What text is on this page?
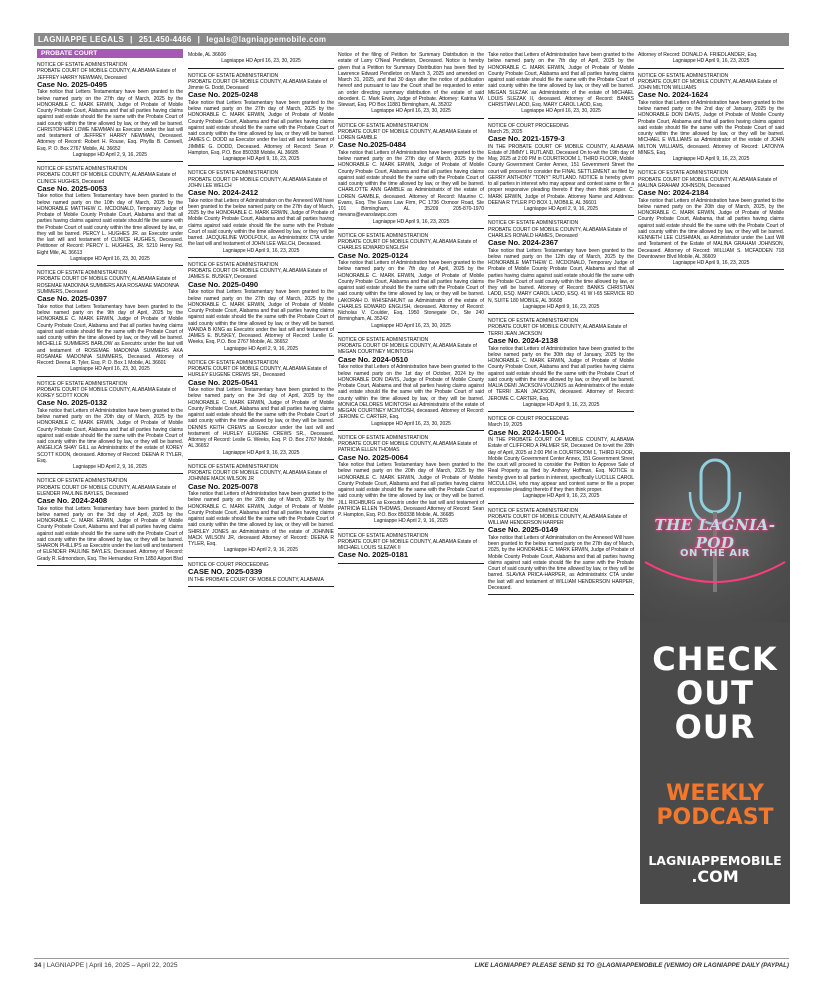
LAGNIAPPE LEGALS | 251.450-4466 | legals@lagniappemobile.com
PROBATE COURT
NOTICE OF ESTATE ADMINISTRATION
PROBATE COURT OF MOBILE COUNTY, ALABAMA Estate of JEFFREY HARRY NEWMAN, Deceased
Case No. 2025-0495
Take notice that Letters Testamentary have been granted to the below named party on the 27th day of March, 2025 by the HONORABLE C. MARK ERWIN, Judge of Probate of Mobile County Probate Court, Alabama and that all parties having claims against said estate should file the same with the Probate Court of said county within the time allowed by law, or they will be barred. CHRISTOPHER LOWE NEWMAN as Executor under the last will and testament of JEFFREY HARRY NEWMAN, Deceased. Attorney of Record: Robert H. Rouse, Esq. Phyllis B. Conwell, Esq. P. O. Box 2767 Mobile, AL 36652
Lagniappe HD April 2, 9, 16, 2025
NOTICE OF ESTATE ADMINISTRATION
PROBATE COURT OF MOBILE COUNTY, ALABAMA Estate of CLINICE HUGHES, Deceased
Case No. 2025-0053
Take notice that Letters Testamentary have been granted to the below named party on the 10th day of March, 2025 by the HONORABLE MATTHEW C. MCDONALD, Temporary Judge of Probate of Mobile County Probate Court, Alabama and that all parties having claims against said estate should file the same with the Probate Court of said county within the time allowed by law, or they will be barred. PERCY L. HUGHES JR. as Executor under the last will and testament of CLINICE HUGHES, Deceased. Petitioner of Record: PERCY L. HUGHES, JR. 5210 Henry Rd. Eight Mile, AL 36613
Lagniappe HD April 16, 23, 30, 2025
NOTICE OF ESTATE ADMINISTRATION
PROBATE COURT OF MOBILE COUNTY, ALABAMA Estate of ROSEMAE MADONNA SUMMERS AKA ROSAMAE MADONNA SUMMERS, Deceased
Case No. 2025-0397
Take notice that Letters Testamentary have been granted to the below named party on the 9th day of April, 2025 by the HONORABLE C. MARK ERWIN, Judge of Probate of Mobile County Probate Court, Alabama and that all parties having claims against said estate should file the same with the Probate Court of said county within the time allowed by law, or they will be barred. MICHELLE SUMMERS BARLOW as Executrix under the last will and testament of ROSEMAE MADONNA SUMMERS AKA ROSAMAE MADONNA SUMMERS, Deceased. Attorney of Record: Deena R. Tyler, Esq. P. O. Box 1 Mobile, AL 36601
Lagniappe HD April 16, 23, 30, 2025
NOTICE OF ESTATE ADMINISTRATION
PROBATE COURT OF MOBILE COUNTY, ALABAMA Estate of KOREY SCOTT KOON
Case No. 2025-0132
Take notice that Letters of Administration have been granted to the below named party on the 20th day of March, 2025 by the HONORABLE C. MARK ERWIN, Judge of Probate of Mobile County Probate Court, Alabama and that all parties having claims against said estate should file the same with the Probate Court of said county within the time allowed by law, or they will be barred. ANGELICA SHAY GILL as Administratrix of the estate of KOREY SCOTT KOON, deceased. Attorney of Record: DEENA R TYLER, Esq.
Lagniappe HD April 2, 9, 16, 2025
NOTICE OF ESTATE ADMINISTRATION
PROBATE COURT OF MOBILE COUNTY, ALABAMA Estate of ELENDER PAULINE BAYLES, Deceased
Case No. 2024-2408
Take notice that Letters Testamentary have been granted to the below named party on the 3rd day of April, 2025 by the HONORABLE C. MARK ERWIN, Judge of Probate of Mobile County Probate Court, Alabama and that all parties having claims against said estate should file the same with the Probate Court of said county within the time allowed by law, or they will be barred. SHARON PHILLIPS as Executrix under the last will and testament of ELENDER PAULINE BAYLES, Deceased. Attorney of Record: Grady R. Edmondson, Esq. The Hernandez Firm 1850 Airport Blvd
Mobile, AL 36606
Lagniappe HD April 16, 23, 30, 2025
NOTICE OF ESTATE ADMINISTRATION
PROBATE COURT OF MOBILE COUNTY, ALABAMA Estate of Jimmie G. Dodd, Deceased
Case No. 2025-0248
Take notice that Letters Testamentary have been granted to the below named party on the 27th day of March, 2025 by the HONORABLE C. MARK ERWIN, Judge of Probate of Mobile County Probate Court, Alabama and that all parties having claims against said estate should file the same with the Probate Court of said county within the time allowed by law, or they will be barred. JAMES C. DODD as Executor under the last will and testament of JIMMIE G. DODD, Deceased. Attorney of Record: Sean P. Hampton, Esq. P.O. Box 850338 Mobile, AL 36685
Lagniappe HD April 9, 16, 23, 2025
NOTICE OF ESTATE ADMINISTRATION
PROBATE COURT OF MOBILE COUNTY, ALABAMA Estate of JOHN LEE WELCH
Case No. 2024-2412
Take notice that Letters of Administration on the Annexed Will have been granted to the below named party on the 27th day of March, 2025 by the HONORABLE C. MARK ERWIN, Judge of Probate of Mobile County Probate Court, Alabama and that all parties having claims against said estate should file the same with the Probate Court of said county within the time allowed by law, or they will be barred. JACQUELINE WOOLFOLK, as Administratrix CTA under the last will and testament of JOHN LEE WELCH, Deceased.
Lagniappe HD April 9, 16, 23, 2025
NOTICE OF ESTATE ADMINISTRATION
PROBATE COURT OF MOBILE COUNTY, ALABAMA Estate of JAMES E. BUSKEY, Deceased
Case No. 2025-0490
Take notice that Letters Testamentary have been granted to the below named party on the 27th day of March, 2025 by the HONORABLE C. MARK ERWIN, Judge of Probate of Mobile County Probate Court, Alabama and that all parties having claims against said estate should file the same with the Probate Court of said county within the time allowed by law, or they will be barred. WANDA B KING as Executrix under the last will and testament of JAMES E. BUSKEY, Deceased. Attorney of Record: Leslie G. Weeks, Esq. P.O. Box 2767 Mobile, AL 36652
Lagniappe HD April 2, 9, 16, 2025
NOTICE OF ESTATE ADMINISTRATION
PROBATE COURT OF MOBILE COUNTY, ALABAMA Estate of HURLEY EUGENE CREWS SR., Deceased
Case No. 2025-0541
Take notice that Letters Testamentary have been granted to the below named party on the 3rd day of April, 2025 by the HONORABLE C. MARK ERWIN, Judge of Probate of Mobile County Probate Court, Alabama and that all parties having claims against said estate should file the same with the Probate Court of said county within the time allowed by law, or they will be barred. DENNIS KEITH CREWS as Executor under the last will and testament of HURLEY EUGENE CREWS SR., Deceased. Attorney of Record: Leslie G. Weeks, Esq. P. O. Box 2767 Mobile, AL 36652
Lagniappe HD April 9, 16, 23, 2025
NOTICE OF ESTATE ADMINISTRATION
PROBATE COURT OF MOBILE COUNTY, ALABAMA Estate of JOHNNIE MACK WILSON JR
Case No. 2025-0078
Take notice that Letters of Administration have been granted to the below named party on the 20th day of March, 2025 by the HONORABLE C. MARK ERWIN, Judge of Probate of Mobile County Probate Court, Alabama and that all parties having claims against said estate should file the same with the Probate Court of said county within the time allowed by law, or they will be barred. SHIRLEY JONES as Administratrix of the estate of JOHNNIE MACK WILSON JR, deceased Attorney of Record: DEENA R TYLER, Esq.
Lagniappe HD April 2, 9, 16, 2025
NOTICE OF COURT PROCEEDING
CASE NO. 2025-0339
IN THE PROBATE COURT OF MOBILE COUNTY, ALABAMA
Notice of the filing of Petition for Summary Distribution in the estate of Larry O'Neal Pendleton, Deceased. Notice is hereby given that a Petition for Summary Distribution has been filed by Lawrence Edward Pendleton on March 3, 2025 and amended on March 31, 2025, and that 30 days after the notice of publication hereof and pursuant to law the Court shall be requested to enter an order directing summary distribution of the estate of said decedent. C. Mark Erwin, Judge of Probate. Attorney: Katrina W. Stewart, Esq. PO Box 11881 Birmingham, AL 35202
Lagniappe HD April 16, 23, 30, 2025
NOTICE OF ESTATE ADMINISTRATION
PROBATE COURT OF MOBILE COUNTY, ALABAMA Estate of LOREN GAMBLE
Case No.2025-0484
Take notice that Letters of Administration have been granted to the below named party on the 27th day of March, 2025 by the HONORABLE C. MARK ERWIN, Judge of Probate of Mobile County Probate Court, Alabama and that all parties having claims against said estate should file the same with the Probate Court of said county within the time allowed by law, or they will be barred. CHARLOTTE ANN GAMBLE as Administratrix of the estate of LOREN GAMBLE, deceased. Attorney of Record: Maurine C. Evans, Esq. The Evans Law Firm, PC 1736 Oxmoor Road, Ste 101 Birmingham, AL 35209 205-870-1970 mevans@evanslawpc.com
Lagniappe HD April 9, 16, 23, 2025
NOTICE OF ESTATE ADMINISTRATION
PROBATE COURT OF MOBILE COUNTY, ALABAMA Estate of CHARLES EDWARD ENGLISH
Case No. 2025-0124
Take notice that Letters of Administration have been granted to the below named party on the 7th day of April, 2025 by the HONORABLE C. MARK ERWIN, Judge of Probate of Mobile County Probate Court, Alabama and that all parties having claims against said estate should file the same with the Probate Court of said county within the time allowed by law, or they will be barred. LAKORAH D. WHISENHUNT as Administratrix of the estate of CHARLES EDWARD ENGLISH, deceased. Attorney of Record: Nicholas V. Coulder, Esq. 1950 Stonegate Dr., Ste 240 Birmingham, AL 35242
Lagniappe HD April 16, 23, 30, 2025
NOTICE OF ESTATE ADMINISTRATION
PROBATE COURT OF MOBILE COUNTY, ALABAMA Estate of MEGAN COURTNEY MCINTOSH
Case No. 2024-0510
Take notice that Letters of Administration have been granted to the below named party on the 1st day of October, 2024 by the HONORABLE DON DAVIS, Judge of Probate of Mobile County Probate Court, Alabama and that all parties having claims against said estate should file the same with the Probate Court of said county within the time allowed by law, or they will be barred. MONICA DELORES MCINTOSH as Administratrix of the estate of MEGAN COURTNEY MCINTOSH, deceased. Attorney of Record: JEROME C. CARTER, Esq.
Lagniappe HD April 16, 23, 30, 2025
NOTICE OF ESTATE ADMINISTRATION
PROBATE COURT OF MOBILE COUNTY, ALABAMA Estate of PATRICIA ELLEN THOMAS
Case No. 2025-0064
Take notice that Letters Testamentary have been granted to the below named party on the 20th day of March, 2025 by the HONORABLE C. MARK ERWIN, Judge of Probate of Mobile County Probate Court, Alabama and that all parties having claims against said estate should file the same with the Probate Court of said county within the time allowed by law, or they will be barred. JILL RICHBURG as Executrix under the last will and testament of PATRICIA ELLEN THOMAS, Deceased Attorney of Record: Sean P. Hampton, Esq. P.O. Box 850338 Mobile, AL 36685
Lagniappe HD April 2, 9, 16, 2025
NOTICE OF ESTATE ADMINISTRATION
PROBATE COURT OF MOBILE COUNTY, ALABAMA Estate of MICHAEL LOUIS SLEZAK II
Case No. 2025-0181
Take notice that Letters of Administration have been granted to the below named party on the 7th day of April, 2025 by the HONORABLE C. MARK ERWIN, Judge of Probate of Mobile County Probate Court, Alabama and that all parties having claims against said estate should file the same with the Probate Court of said county within the time allowed by law, or they will be barred. MEGAN SLEZAK as Administratrix of the estate of MICHAEL LOUIS SLEZAK II, deceased. Attorney of Record: BANKS CHRISTIAN LADD, Esq. MARY CAROL LADD, Esq.
Lagniappe HD April 16, 23, 30, 2025
NOTICE OF COURT PROCEEDING
March 25, 2025
Case No. 2021-1579-3
IN THE PROBATE COURT OF MOBILE COUNTY, ALABAMA Estate of JIMMY L RUTLAND, Deceased On to-wit the 19th day of May, 2025 at 2:00 PM in COURTROOM 1, THIRD FLOOR, Mobile County Government Center Annex, 151 Government Street the court will proceed to consider the FINAL SETTLEMENT as filed by GERRY ANTHONY "TONY" RUTLAND. NOTICE is hereby given to all parties in interest who may appear and contest same or file a proper responsive pleading thereto if they then think proper. C. MARK ERWIN, Judge of Probate. Attorney Name and Address: DEENA R TYLER PO BOX 1, MOBILE, AL 36601
Lagniappe HD April 2, 9, 16, 2025
NOTICE OF ESTATE ADMINISTRATION
PROBATE COURT OF MOBILE COUNTY, ALABAMA Estate of CHARLES RONALD HAMES, Deceased
Case No. 2024-2367
Take notice that Letters Testamentary have been granted to the below named party on the 12th day of March, 2025 by the HONORABLE MATTHEW C. MCDONALD, Temporary Judge of Probate of Mobile County Probate Court, Alabama and that all parties having claims against said estate should file the same with the Probate Court of said county within the time allowed by law, or they will be barred. Attorney of Record: BANKS CHRISTIAN LADD, ESQ. MARY CAROL LADD, ESQ. 41 W I-65 SERVICE RD N, SUITE 180 MOBILE, AL 36608
Lagniappe HD April 9, 16, 23, 2025
NOTICE OF ESTATE ADMINISTRATION
PROBATE COURT OF MOBILE COUNTY, ALABAMA Estate of TERRI JEAN JACKSON
Case No. 2024-2138
Take notice that Letters of Administration have been granted to the below named party on the 30th day of January, 2025 by the HONORABLE C. MARK ERWIN, Judge of Probate of Mobile County Probate Court, Alabama and that all parties having claims against said estate should file the same with the Probate Court of said county within the time allowed by law, or they will be barred. MALIA DEMI JACKSON-VOUZIKIS as Administratrix of the estate of TERRI JEAN JACKSON, deceased. Attorney of Record: JEROME C. CARTER, Esq.
Lagniappe HD April 9, 16, 23, 2025
NOTICE OF COURT PROCEEDING
March 19, 2025
Case No. 2024-1500-1
IN THE PROBATE COURT OF MOBILE COUNTY, ALABAMA Estate of CLIFFORD A PALMER SR, Deceased On to-wit the 28th day of April, 2025 at 2:00 PM in COURTROOM 1, THIRD FLOOR, Mobile County Government Center Annex, 151 Government Street the court will proceed to consider the Petition to Approve Sale of Real Property as filed by Anthony Hoffman, Esq. NOTICE is hereby given to all parties in interest, specifically LUCILLE CAROL MCCULLOH, who may appear and contest same or file a proper responsive pleading thereto if they then think proper.
Lagniappe HD April 9, 16, 23, 2025
NOTICE OF ESTATE ADMINISTRATION
PROBATE COURT OF MOBILE COUNTY, ALABAMA Estate of WILLIAM HENDERSON HARPER
Case No. 2025-0149
Take notice that Letters of Administration on the Annexed Will have been granted to the below named party on the 27th day of March, 2025, by the HONORABLE C. MARK ERWIN, Judge of Probate of Mobile County Probate Court, Alabama and that all parties having claims against said estate should file the same with the Probate Court of said county within the time allowed by law, or they will be barred. SLAVKA PRICA-HARPER, as Administratrix CTA under the last will and testament of WILLIAM HENDERSON HARPER, Deceased.
Attorney of Record: DONALD A. FRIEDLANDER, Esq.
Lagniappe HD April 9, 16, 23, 2025
NOTICE OF ESTATE ADMINISTRATION
PROBATE COURT OF MOBILE COUNTY, ALABAMA Estate of JOHN MILTON WILLIAMS
Case No. 2024-1624
Take notice that Letters of Administration have been granted to the below named party on the 2nd day of January, 2025 by the HONORABLE DON DAVIS, Judge of Probate of Mobile County Probate Court, Alabama and that all parties having claims against said estate should file the same with the Probate Court of said county within the time allowed by law, or they will be barred. MICHAEL E WILLIAMS as Administrator of the estate of JOHN MILTON WILLIAMS, deceased. Attorney of Record: LATONYA MINES, Esq.
Lagniappe HD April 9, 16, 23, 2025
NOTICE OF ESTATE ADMINISTRATION
PROBATE COURT OF MOBILE COUNTY, ALABAMA Estate of MALINA GRAHAM JOHNSON, Deceased
Case No: 2024-2184
Take notice that Letters of Administration have been granted to the below named party on the 20th day of March, 2025, by the HONORABLE C. MARK ERWIN, Judge of Probate of Mobile County Probate Court, Alabama, that all parties having claims against said estate should file the same with the Probate Court of said county within the time allowed by law, or they will be barred. KENNETH LEE CUSHMAN, as Administrator under the Last Will and Testament of the Estate of MALINA GRAHAM JOHNSON, Deceased. Attorney of Record: WILLIAM S. MCFADDEN 718 Downtowner Blvd Mobile, AL 36609
Lagniappe HD April 9, 16, 23, 2025
THE LAGNIA-POD
ON THE AIR
CHECK
OUT
OUR
WEEKLY
PODCAST
LAGNIAPPEMOBILE
.COM
34 | LAGNIAPPE | April 16, 2025 – April 22, 2025	LIKE LAGNIAPPE? PLEASE SEND $1 TO @LAGNIAPPEMOBILE (VENMO) OR LAGNIAPPE DAILY (PAYPAL)
